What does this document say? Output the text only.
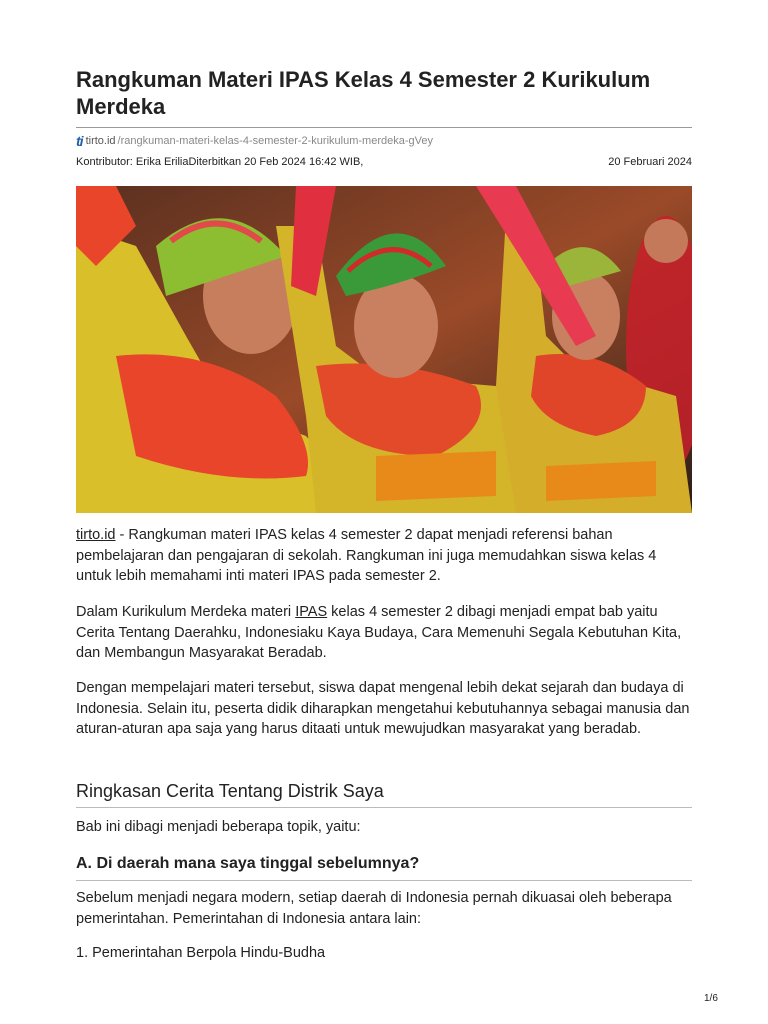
Rangkuman Materi IPAS Kelas 4 Semester 2 Kurikulum Merdeka
ti tirto.id /rangkuman-materi-kelas-4-semester-2-kurikulum-merdeka-gVey
Kontributor: Erika EriliaDiterbitkan 20 Feb 2024 16:42 WIB,	20 Februari 2024

tirto.id - Rangkuman materi IPAS kelas 4 semester 2 dapat menjadi referensi bahan pembelajaran dan pengajaran di sekolah. Rangkuman ini juga memudahkan siswa kelas 4 untuk lebih memahami inti materi IPAS pada semester 2.

Dalam Kurikulum Merdeka materi IPAS kelas 4 semester 2 dibagi menjadi empat bab yaitu Cerita Tentang Daerahku, Indonesiaku Kaya Budaya, Cara Memenuhi Segala Kebutuhan Kita, dan Membangun Masyarakat Beradab.

Dengan mempelajari materi tersebut, siswa dapat mengenal lebih dekat sejarah dan budaya di Indonesia. Selain itu, peserta didik diharapkan mengetahui kebutuhannya sebagai manusia dan aturan-aturan apa saja yang harus ditaati untuk mewujudkan masyarakat yang beradab.

Ringkasan Cerita Tentang Distrik Saya

Bab ini dibagi menjadi beberapa topik, yaitu:

A. Di daerah mana saya tinggal sebelumnya?

Sebelum menjadi negara modern, setiap daerah di Indonesia pernah dikuasai oleh beberapa pemerintahan. Pemerintahan di Indonesia antara lain:

1. Pemerintahan Berpola Hindu-Budha

1/6
